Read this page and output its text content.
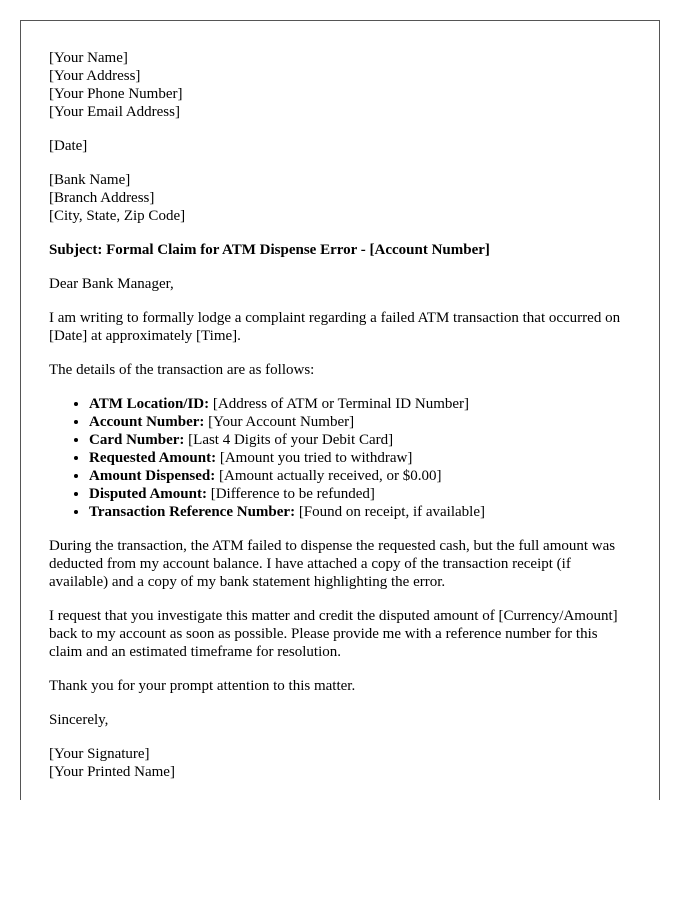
[Your Name]
[Your Address]
[Your Phone Number]
[Your Email Address]
[Date]
[Bank Name]
[Branch Address]
[City, State, Zip Code]

Subject: Formal Claim for ATM Dispense Error - [Account Number]

Dear Bank Manager,

I am writing to formally lodge a complaint regarding a failed ATM transaction that occurred on [Date] at approximately [Time].

The details of the transaction are as follows:

• ATM Location/ID: [Address of ATM or Terminal ID Number]
• Account Number: [Your Account Number]
• Card Number: [Last 4 Digits of your Debit Card]
• Requested Amount: [Amount you tried to withdraw]
• Amount Dispensed: [Amount actually received, or $0.00]
• Disputed Amount: [Difference to be refunded]
• Transaction Reference Number: [Found on receipt, if available]

During the transaction, the ATM failed to dispense the requested cash, but the full amount was deducted from my account balance. I have attached a copy of the transaction receipt (if available) and a copy of my bank statement highlighting the error.

I request that you investigate this matter and credit the disputed amount of [Currency/Amount] back to my account as soon as possible. Please provide me with a reference number for this claim and an estimated timeframe for resolution.

Thank you for your prompt attention to this matter.

Sincerely,

[Your Signature]
[Your Printed Name]
